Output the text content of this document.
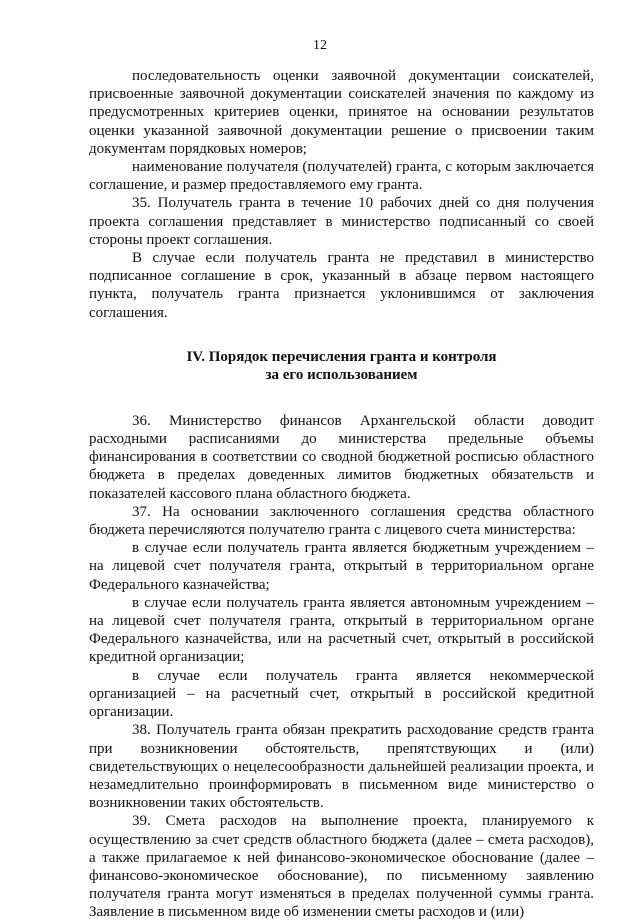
12

последовательность оценки заявочной документации соискателей, присвоенные заявочной документации соискателей значения по каждому из предусмотренных критериев оценки, принятое на основании результатов оценки указанной заявочной документации решение о присвоении таким документам порядковых номеров;

наименование получателя (получателей) гранта, с которым заключается соглашение, и размер предоставляемого ему гранта.

35. Получатель гранта в течение 10 рабочих дней со дня получения проекта соглашения представляет в министерство подписанный со своей стороны проект соглашения.

В случае если получатель гранта не представил в министерство подписанное соглашение в срок, указанный в абзаце первом настоящего пункта, получатель гранта признается уклонившимся от заключения соглашения.

IV. Порядок перечисления гранта и контроля
за его использованием

36. Министерство финансов Архангельской области доводит расходными расписаниями до министерства предельные объемы финансирования в соответствии со сводной бюджетной росписью областного бюджета в пределах доведенных лимитов бюджетных обязательств и показателей кассового плана областного бюджета.

37. На основании заключенного соглашения средства областного бюджета перечисляются получателю гранта с лицевого счета министерства:

в случае если получатель гранта является бюджетным учреждением – на лицевой счет получателя гранта, открытый в территориальном органе Федерального казначейства;

в случае если получатель гранта является автономным учреждением – на лицевой счет получателя гранта, открытый в территориальном органе Федерального казначейства, или на расчетный счет, открытый в российской кредитной организации;

в случае если получатель гранта является некоммерческой организацией – на расчетный счет, открытый в российской кредитной организации.

38. Получатель гранта обязан прекратить расходование средств гранта при возникновении обстоятельств, препятствующих и (или) свидетельствующих о нецелесообразности дальнейшей реализации проекта, и незамедлительно проинформировать в письменном виде министерство о возникновении таких обстоятельств.

39. Смета расходов на выполнение проекта, планируемого к осуществлению за счет средств областного бюджета (далее – смета расходов), а также прилагаемое к ней финансово-экономическое обоснование (далее – финансово-экономическое обоснование), по письменному заявлению получателя гранта могут изменяться в пределах полученной суммы гранта. Заявление в письменном виде об изменении сметы расходов и (или)
